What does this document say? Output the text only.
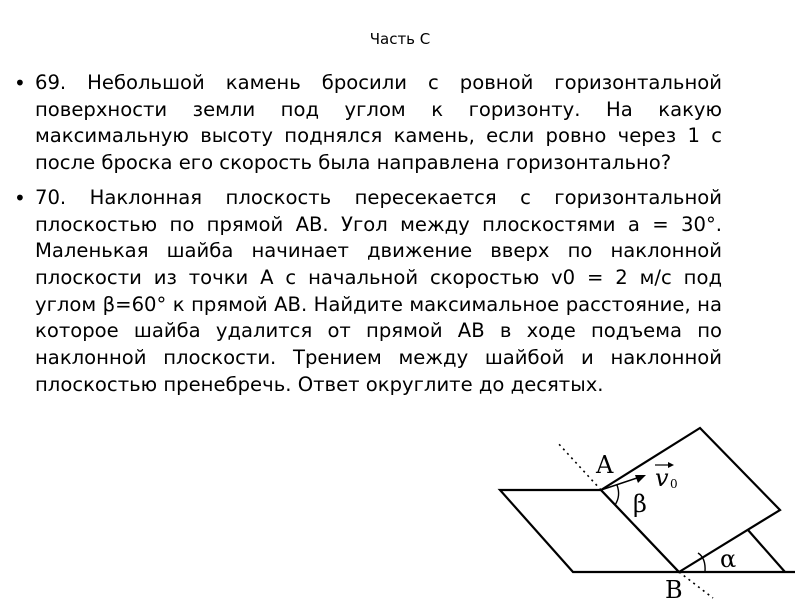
Часть С
• 69. Небольшой камень бросили с ровной горизонтальной поверхности земли под углом к горизонту. На какую максимальную высоту поднялся камень, если ровно через 1 с после броска его скорость была направлена горизонтально?
• 70. Наклонная плоскость пересекается с горизонтальной плоскостью по прямой АВ. Угол между плоскостями а = 30°. Маленькая шайба начинает движение вверх по наклонной плоскости из точки А с начальной скоростью v0 = 2 м/с под углом β=60° к прямой АВ. Найдите максимальное расстояние, на которое шайба удалится от прямой АВ в ходе подъема по наклонной плоскости. Трением между шайбой и наклонной плоскостью пренебречь. Ответ округлите до десятых.
A
B
β
α
v 0
